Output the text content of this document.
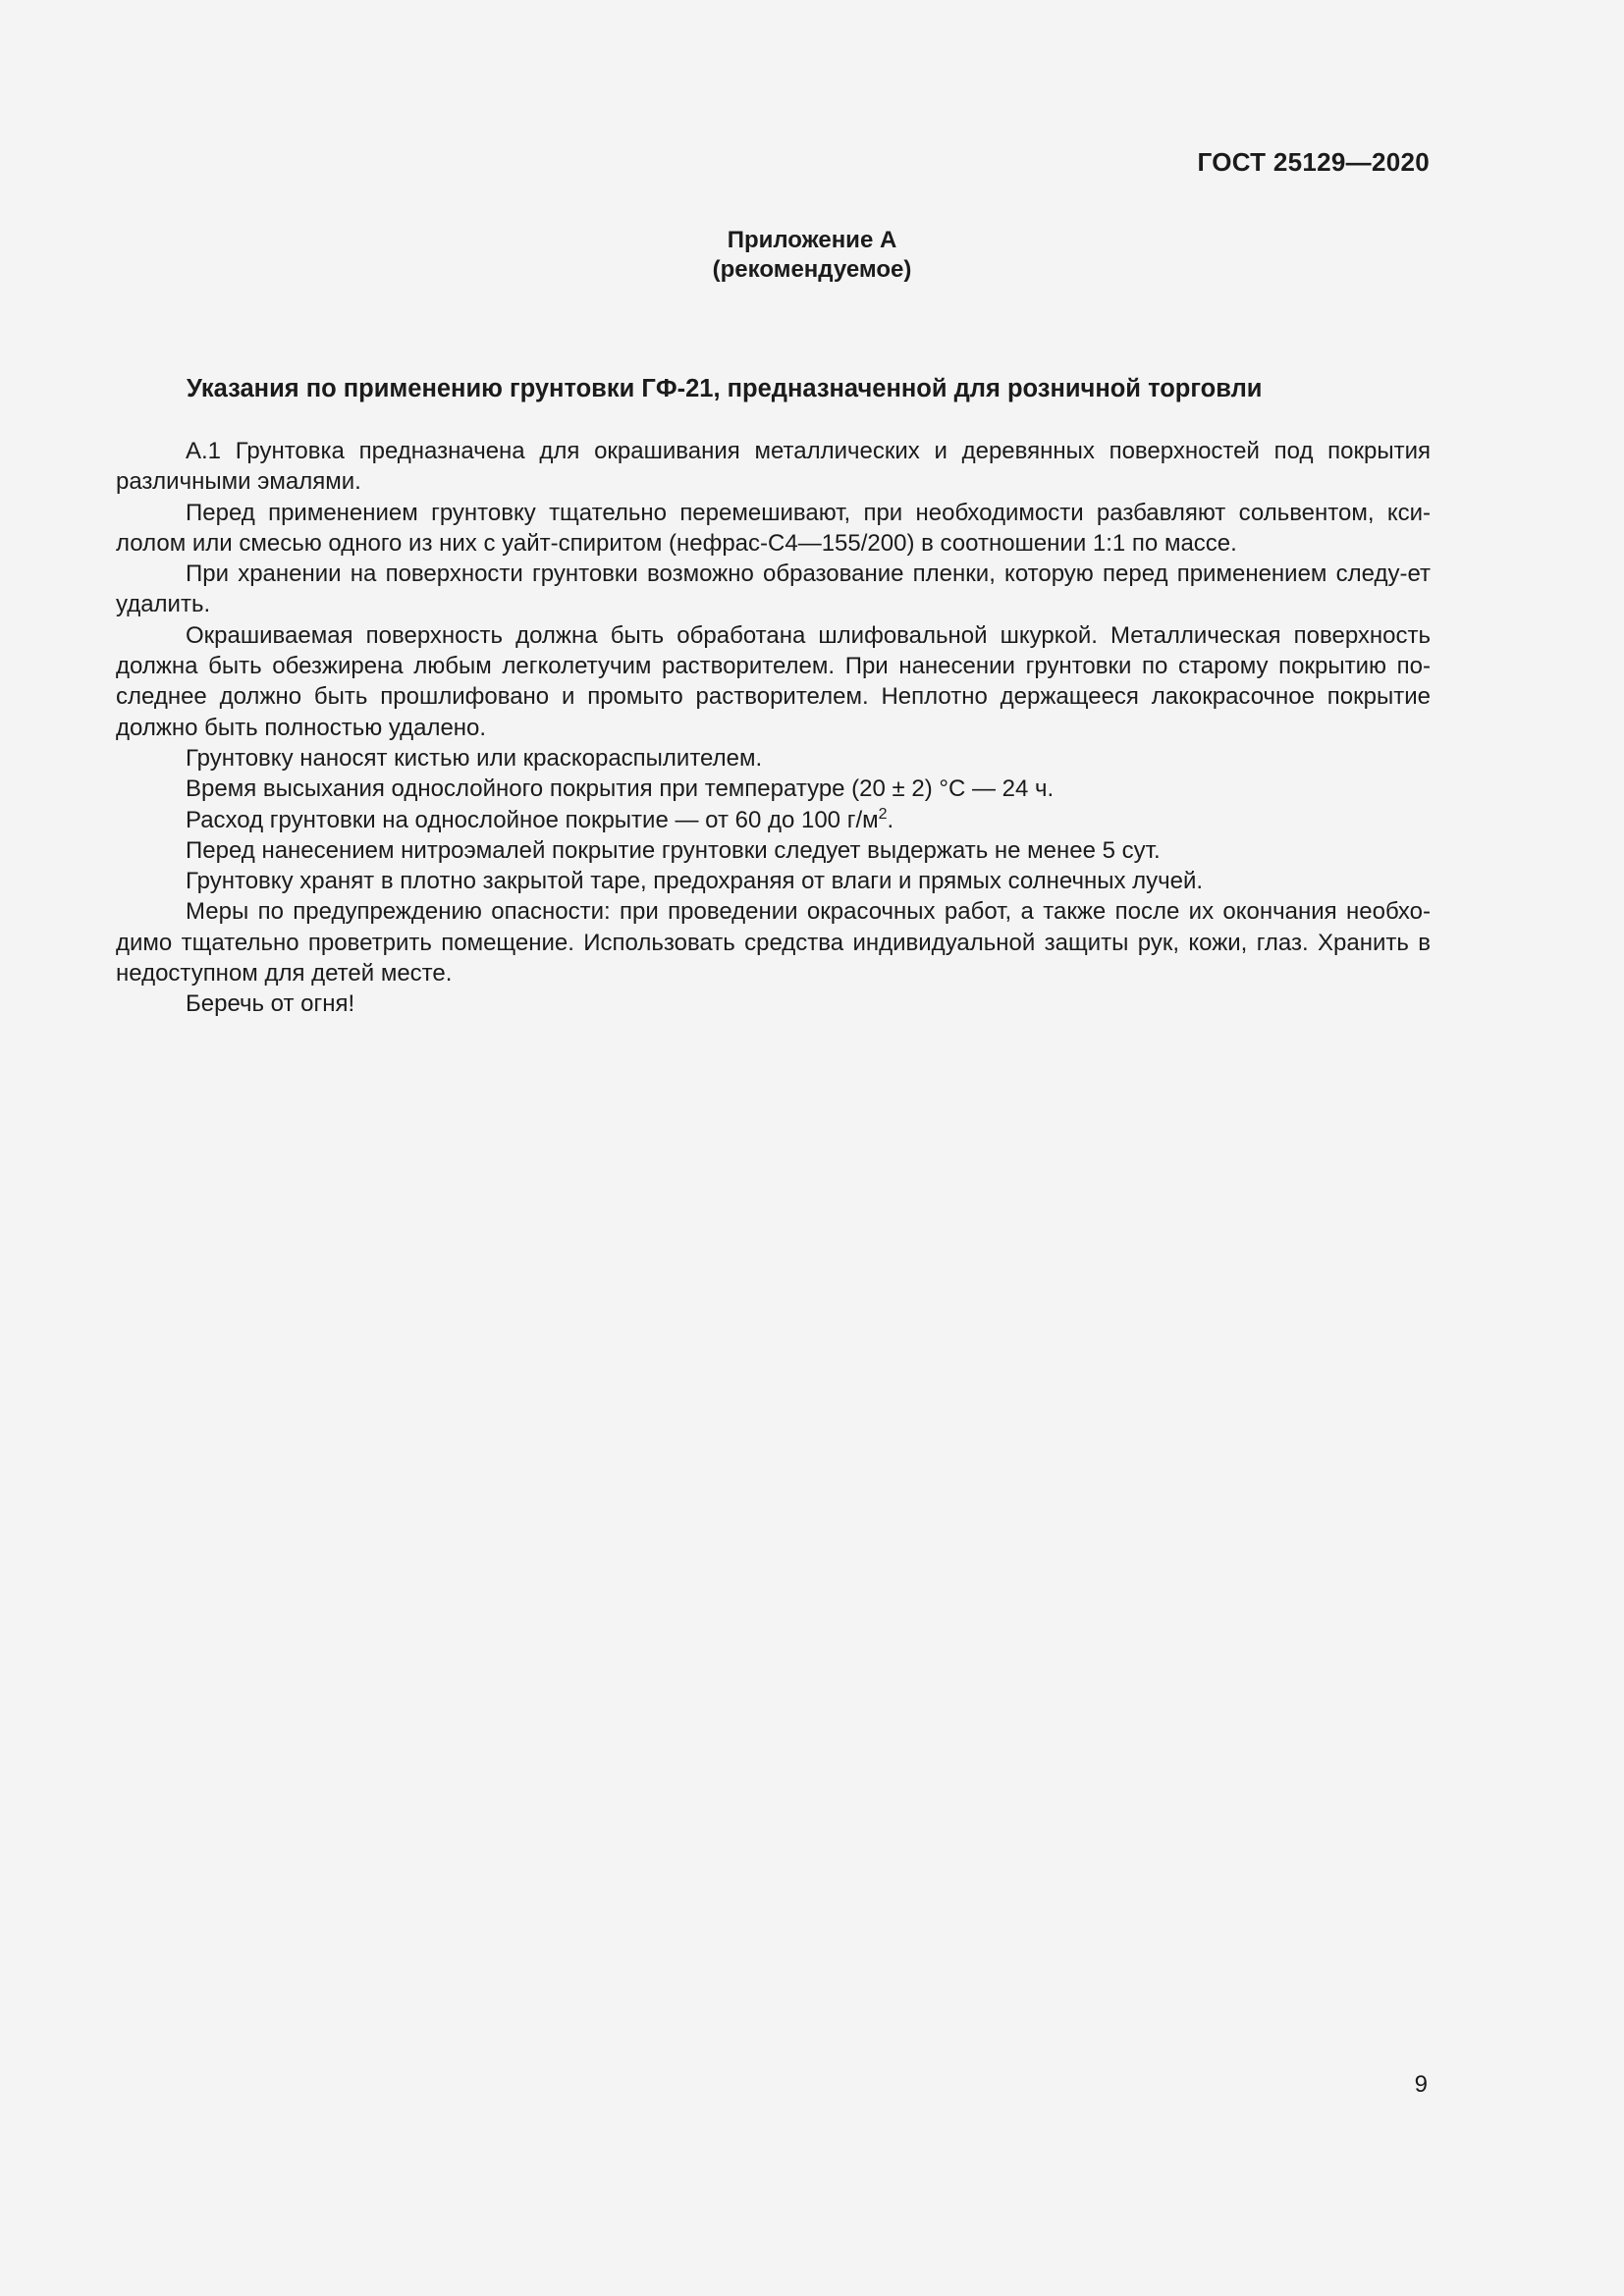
ГОСТ 25129—2020
Приложение А
(рекомендуемое)
Указания по применению грунтовки ГФ-21, предназначенной для розничной торговли

А.1 Грунтовка предназначена для окрашивания металлических и деревянных поверхностей под покрытия различными эмалями.

Перед применением грунтовку тщательно перемешивают, при необходимости разбавляют сольвентом, кси-лолом или смесью одного из них с уайт-спиритом (нефрас-С4—155/200) в соотношении 1:1 по массе.

При хранении на поверхности грунтовки возможно образование пленки, которую перед применением следу-ет удалить.

Окрашиваемая поверхность должна быть обработана шлифовальной шкуркой. Металлическая поверхность должна быть обезжирена любым легколетучим растворителем. При нанесении грунтовки по старому покрытию по-следнее должно быть прошлифовано и промыто растворителем. Неплотно держащееся лакокрасочное покрытие должно быть полностью удалено.

Грунтовку наносят кистью или краскораспылителем.

Время высыхания однослойного покрытия при температуре (20 ± 2) °С — 24 ч.

Расход грунтовки на однослойное покрытие — от 60 до 100 $г/м^2$.

Перед нанесением нитроэмалей покрытие грунтовки следует выдержать не менее 5 сут.

Грунтовку хранят в плотно закрытой таре, предохраняя от влаги и прямых солнечных лучей.

Меры по предупреждению опасности: при проведении окрасочных работ, а также после их окончания необхо-димо тщательно проветрить помещение. Использовать средства индивидуальной защиты рук, кожи, глаз. Хранить в недоступном для детей месте.

Беречь от огня!

9
